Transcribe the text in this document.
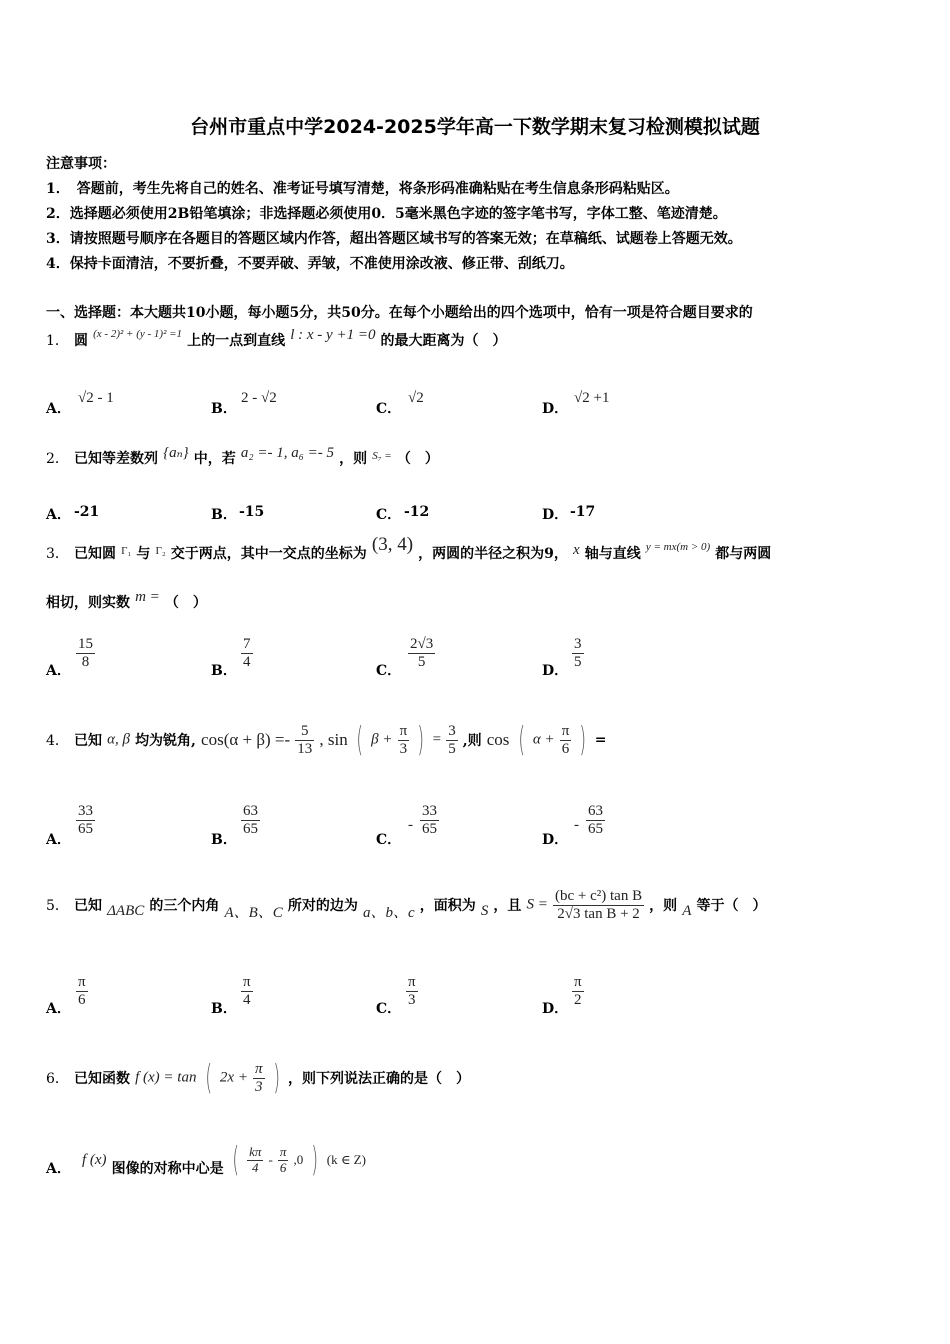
台州市重点中学2024-2025学年高一下数学期末复习检测模拟试题
注意事项：
1．　答题前，考生先将自己的姓名、准考证号填写清楚，将条形码准确粘贴在考生信息条形码粘贴区。
2．选择题必须使用2B铅笔填涂；非选择题必须使用0．5毫米黑色字迹的签字笔书写，字体工整、笔迹清楚。
3．请按照题号顺序在各题目的答题区域内作答，超出答题区域书写的答案无效；在草稿纸、试题卷上答题无效。
4．保持卡面清洁，不要折叠，不要弄破、弄皱，不准使用涂改液、修正带、刮纸刀。
一、选择题：本大题共10小题，每小题5分，共50分。在每个小题给出的四个选项中，恰有一项是符合题目要求的
1． 圆 $^{(x - 2)^2 + (y - 1)^2 =1}$ 上的一点到直线 l : x - y +1 =0 的最大距离为（　）
A．
√2 - 1
B．
2 - √2
C．
√2
D．
√2 +1
2． 已知等差数列 {aₙ} 中，若 a₂ =- 1, a₆ =- 5 ，则 $^{S_7 =}$ （　）
A． -21	B． -15	C． -12	D． -17
3． 已知圆 $^{\Gamma_1}$ 与 $^{\Gamma_2}$ 交于两点，其中一交点的坐标为 (3, 4) ，两圆的半径之积为9， x 轴与直线 $^{y = mx(m > 0)}$ 都与两圆
相切，则实数 m = （　）
A．
$\frac{15}{8}$
B．
$\frac{7}{4}$
C．
$\frac{2√3}{5}$
D．
$\frac{3}{5}$
4． 已知 α, β 均为锐角, $\cos(\alpha + \beta) =- \frac{5}{13}$ , sin ( $\beta + \frac{\pi}{3}$ ) = $\frac{3}{5}$ ,则 cos ( $\alpha + \frac{\pi}{6}$ ) =
A．
$\frac{33}{65}$
B．
$\frac{63}{65}$
C．
- $\frac{33}{65}$
D．
- $\frac{63}{65}$
5． 已知 ΔABC 的三个内角 A、B、C 所对的边为 a、b、c ，面积为 S ，且 $S = \frac{\text{(bc + c²) tan B}}{\text{2√3 tan B + 2}}$ ，则 A 等于（　）
A．
$\frac{\pi}{6}$
B．
$\frac{\pi}{4}$
C．
$\frac{\pi}{3}$
D．
$\frac{\pi}{2}$
6． 已知函数 f (x) = tan ( $2x + \frac{\pi}{3}$ ) ，则下列说法正确的是（　）
A． f (x) 图像的对称中心是 ( $\frac{k\pi}{4} - \frac{\pi}{6} ,0$ ) (k ∈ Z)
